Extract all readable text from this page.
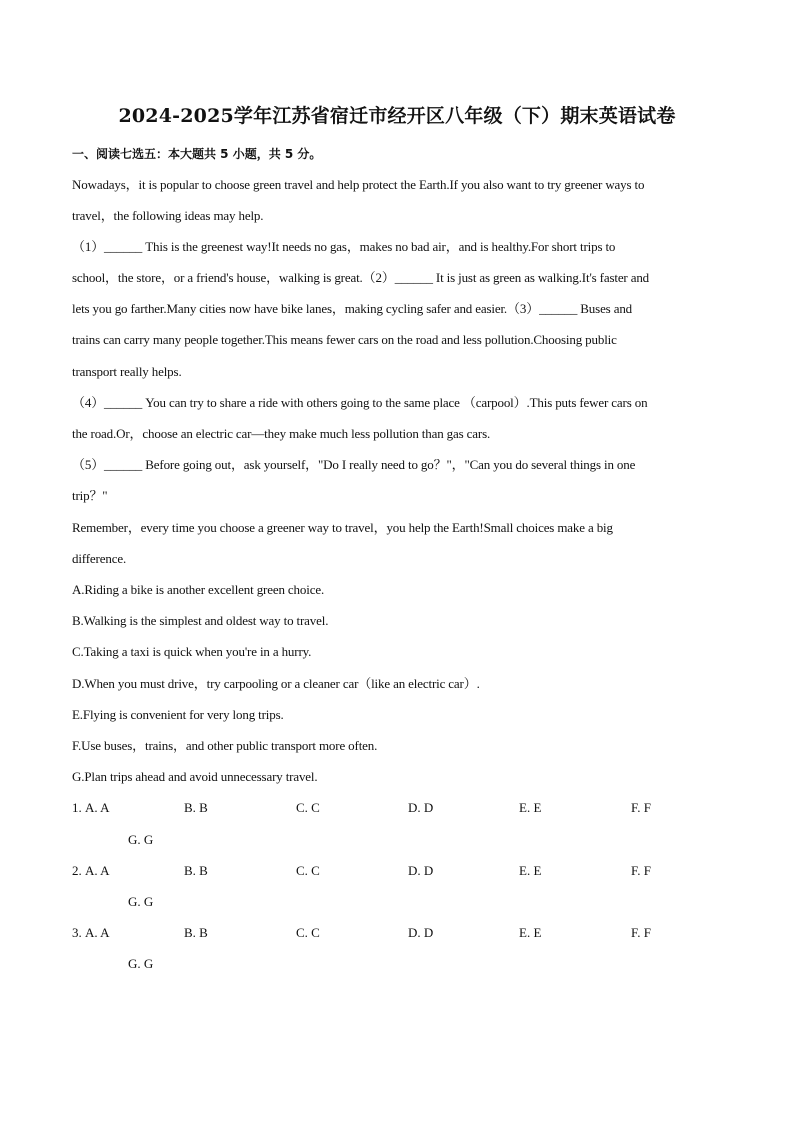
2024-2025学年江苏省宿迁市经开区八年级（下）期末英语试卷
一、阅读七选五：本大题共 5 小题，共 5 分。
Nowadays，it is popular to choose green travel and help protect the Earth.If you also want to try greener ways to
travel，the following ideas may help.
（1）______ This is the greenest way!It needs no gas，makes no bad air，and is healthy.For short trips to
school，the store，or a friend's house，walking is great.（2）______ It is just as green as walking.It's faster and
lets you go farther.Many cities now have bike lanes，making cycling safer and easier.（3）______ Buses and
trains can carry many people together.This means fewer cars on the road and less pollution.Choosing public
transport really helps.
（4）______ You can try to share a ride with others going to the same place （carpool）.This puts fewer cars on
the road.Or，choose an electric car—they make much less pollution than gas cars.
（5）______ Before going out，ask yourself，"Do I really need to go？"，"Can you do several things in one
trip？"
Remember，every time you choose a greener way to travel，you help the Earth!Small choices make a big
difference.
A.Riding a bike is another excellent green choice.
B.Walking is the simplest and oldest way to travel.
C.Taking a taxi is quick when you're in a hurry.
D.When you must drive，try carpooling or a cleaner car（like an electric car）.
E.Flying is convenient for very long trips.
F.Use buses，trains，and other public transport more often.
G.Plan trips ahead and avoid unnecessary travel.
1. A. A	B. B	C. C	D. D	E. E	F. F
G. G
2. A. A	B. B	C. C	D. D	E. E	F. F
G. G
3. A. A	B. B	C. C	D. D	E. E	F. F
G. G
